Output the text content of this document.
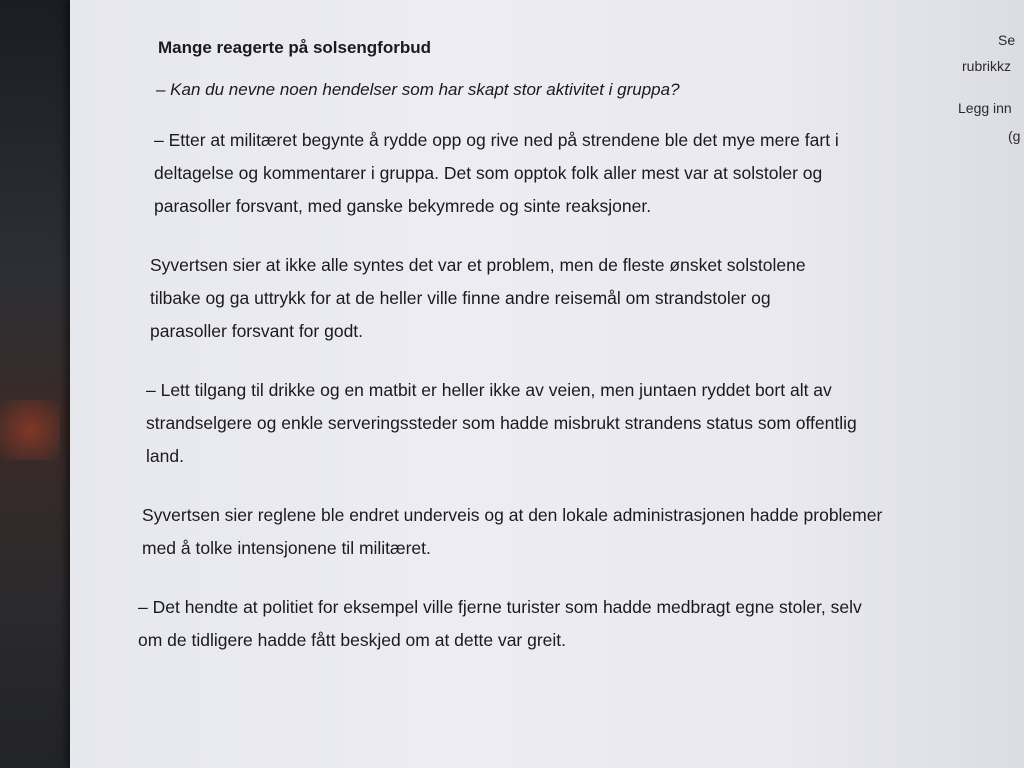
Mange reagerte på solsengforbud
– Kan du nevne noen hendelser som har skapt stor aktivitet i gruppa?
– Etter at militæret begynte å rydde opp og rive ned på strendene ble det mye mere fart i deltagelse og kommentarer i gruppa. Det som opptok folk aller mest var at solstoler og parasoller forsvant, med ganske bekymrede og sinte reaksjoner.
Syvertsen sier at ikke alle syntes det var et problem, men de fleste ønsket solstolene tilbake og ga uttrykk for at de heller ville finne andre reisemål om strandstoler og parasoller forsvant for godt.
– Lett tilgang til drikke og en matbit er heller ikke av veien, men juntaen ryddet bort alt av strandselgere og enkle serveringssteder som hadde misbrukt strandens status som offentlig land.
Syvertsen sier reglene ble endret underveis og at den lokale administrasjonen hadde problemer med å tolke intensjonene til militæret.
– Det hendte at politiet for eksempel ville fjerne turister som hadde medbragt egne stoler, selv om de tidligere hadde fått beskjed om at dette var greit.
Se
rubrikkz
Legg inn
(g
